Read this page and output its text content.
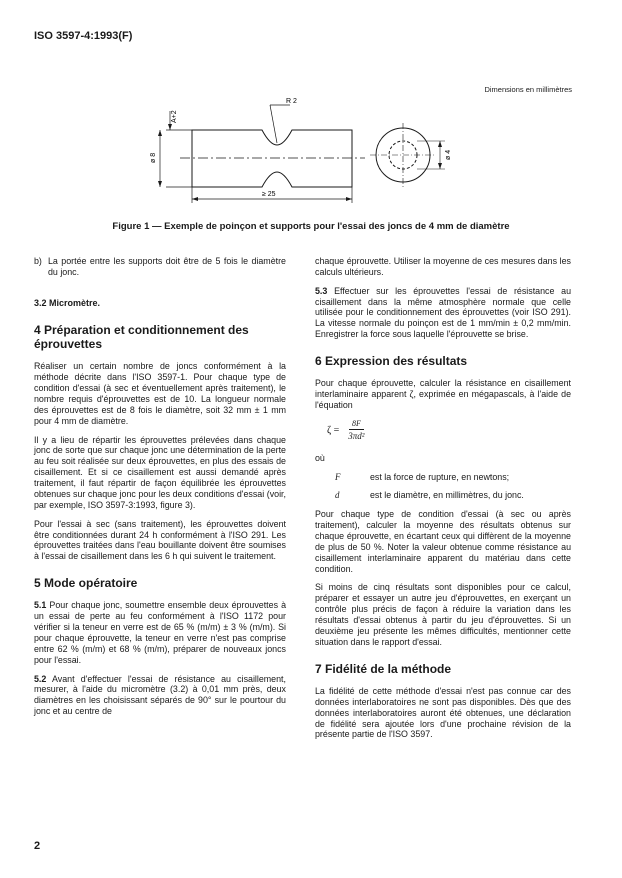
ISO 3597-4:1993(F)
Dimensions en millimètres
A+2
ø 8
R 2
≥ 25
ø 4
Figure 1 — Exemple de poinçon et supports pour l'essai des joncs de 4 mm de diamètre
b) La portée entre les supports doit être de 5 fois le diamètre du jonc.

3.2 Micromètre.
4 Préparation et conditionnement des éprouvettes

Réaliser un certain nombre de joncs conformément à la méthode décrite dans l'ISO 3597-1. Pour chaque type de condition d'essai (à sec et éventuellement après traitement), le nombre requis d'éprouvettes est de 10. La longueur normale des éprouvettes est de 8 fois le diamètre, soit 32 mm ± 1 mm pour 4 mm de diamètre.

Il y a lieu de répartir les éprouvettes prélevées dans chaque jonc de sorte que sur chaque jonc une détermination de la perte au feu soit réalisée sur deux éprouvettes, en plus des essais de cisaillement. Et si ce cisaillement est aussi demandé après traitement, il faut répartir de façon équilibrée les éprouvettes obtenues sur chaque jonc pour les deux conditions d'essai (voir, par exemple, ISO 3597-3:1993, figure 3).

Pour l'essai à sec (sans traitement), les éprouvettes doivent être conditionnées durant 24 h conformément à l'ISO 291. Les éprouvettes traitées dans l'eau bouillante doivent être soumises à l'essai de cisaillement dans les 6 h qui suivent le traitement.

5 Mode opératoire

5.1 Pour chaque jonc, soumettre ensemble deux éprouvettes à un essai de perte au feu conformément à l'ISO 1172 pour vérifier si la teneur en verre est de 65 % (m/m) ± 3 % (m/m). Si pour chaque éprouvette, la teneur en verre n'est pas comprise entre 62 % (m/m) et 68 % (m/m), préparer de nouveaux joncs pour l'essai.

5.2 Avant d'effectuer l'essai de résistance au cisaillement, mesurer, à l'aide du micromètre (3.2) à 0,01 mm près, deux diamètres en les choisissant séparés de 90° sur le pourtour du jonc et au centre de

chaque éprouvette. Utiliser la moyenne de ces mesures dans les calculs ultérieurs.

5.3 Effectuer sur les éprouvettes l'essai de résistance au cisaillement dans la même atmosphère normale que celle utilisée pour le conditionnement des éprouvettes (voir ISO 291). La vitesse normale du poinçon est de 1 mm/min ± 0,2 mm/min. Enregistrer la force sous laquelle l'éprouvette se brise.

6 Expression des résultats

Pour chaque éprouvette, calculer la résistance en cisaillement interlaminaire apparent ζ, exprimée en mégapascals, à l'aide de l'équation

$\zeta = \frac{8F}{\text{3πd²}}$
où
F	est la force de rupture, en newtons;
d	est le diamètre, en millimètres, du jonc.

Pour chaque type de condition d'essai (à sec ou après traitement), calculer la moyenne des résultats obtenus sur chaque éprouvette, en écartant ceux qui diffèrent de la moyenne de plus de 50 %. Noter la valeur obtenue comme résistance au cisaillement interlaminaire apparent du matériau dans cette condition.

Si moins de cinq résultats sont disponibles pour ce calcul, préparer et essayer un autre jeu d'éprouvettes, en exerçant un contrôle plus précis de façon à réduire la variation dans les résultats d'essai obtenus à partir du jeu d'éprouvettes. Si un deuxième jeu présente les mêmes difficultés, mentionner cette situation dans le rapport d'essai.

7 Fidélité de la méthode

La fidélité de cette méthode d'essai n'est pas connue car des données interlaboratoires ne sont pas disponibles. Dès que des données interlaboratoires auront été obtenues, une déclaration de fidélité sera ajoutée lors d'une prochaine révision de la présente partie de l'ISO 3597.

2
